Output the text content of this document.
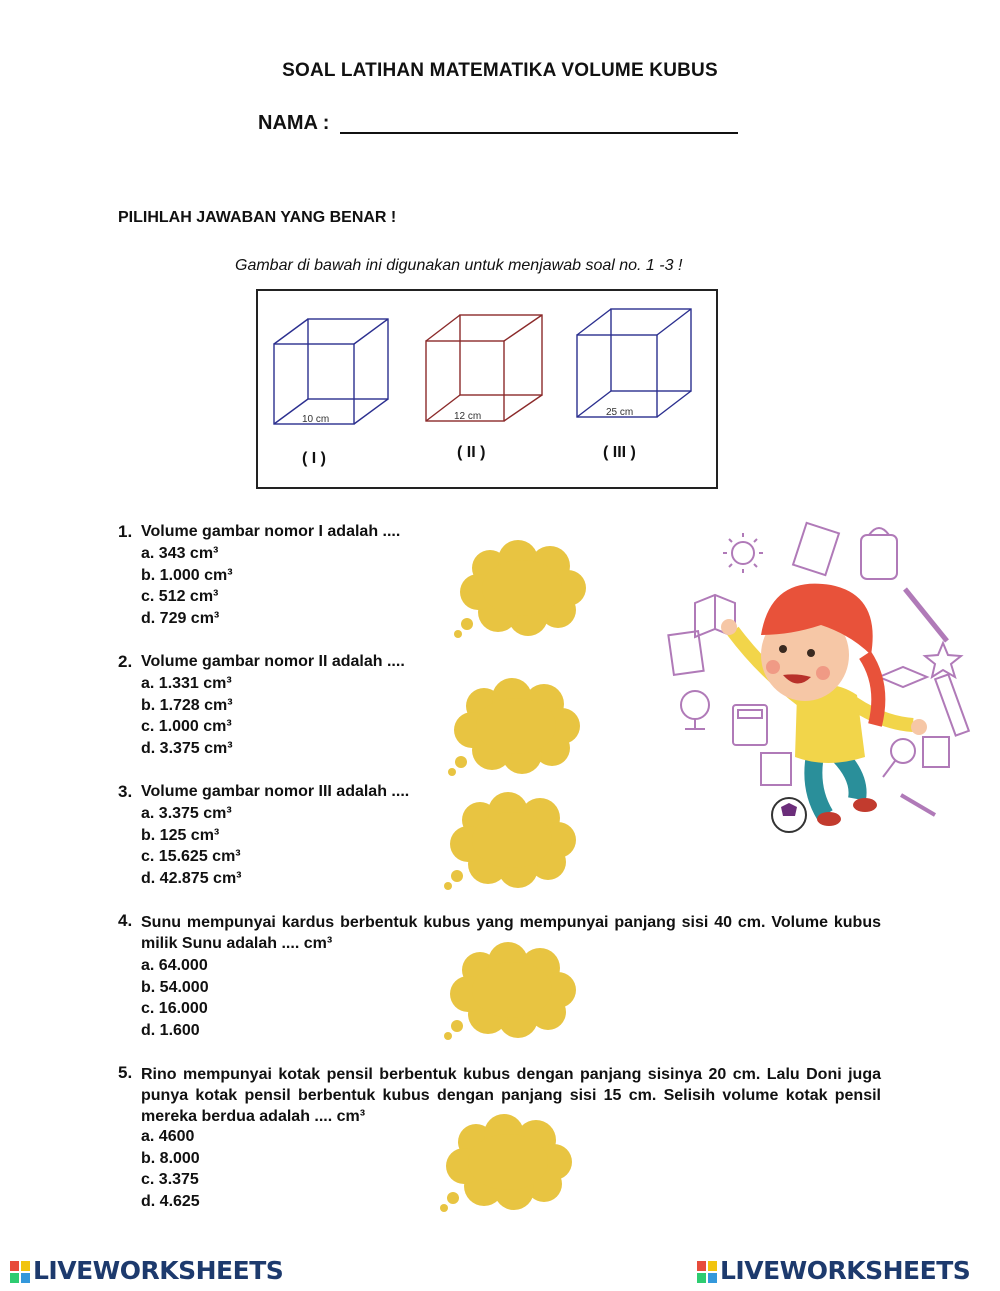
SOAL LATIHAN MATEMATIKA VOLUME KUBUS
NAMA :
PILIHLAH JAWABAN YANG BENAR !
Gambar di bawah ini digunakan untuk menjawab soal no. 1 -3 !
10 cm	12 cm	25 cm
( I )	( II )	( III )
1. Volume gambar nomor I adalah ....
a. 343 cm³
b. 1.000 cm³
c. 512 cm³
d. 729 cm³
2. Volume gambar nomor II adalah ....
a. 1.331 cm³
b. 1.728 cm³
c. 1.000 cm³
d. 3.375 cm³
3. Volume gambar nomor III adalah ....
a. 3.375 cm³
b. 125 cm³
c. 15.625 cm³
d. 42.875 cm³
4. Sunu mempunyai kardus berbentuk kubus yang mempunyai panjang sisi 40 cm. Volume kubus milik Sunu adalah .... cm³
a. 64.000
b. 54.000
c. 16.000
d. 1.600
5. Rino mempunyai kotak pensil berbentuk kubus dengan panjang sisinya 20 cm. Lalu Doni juga punya kotak pensil berbentuk kubus dengan panjang sisi 15 cm. Selisih volume kotak pensil mereka berdua adalah .... cm³
a. 4600
b. 8.000
c. 3.375
d. 4.625
LIVEWORKSHEETS	LIVEWORKSHEETS
